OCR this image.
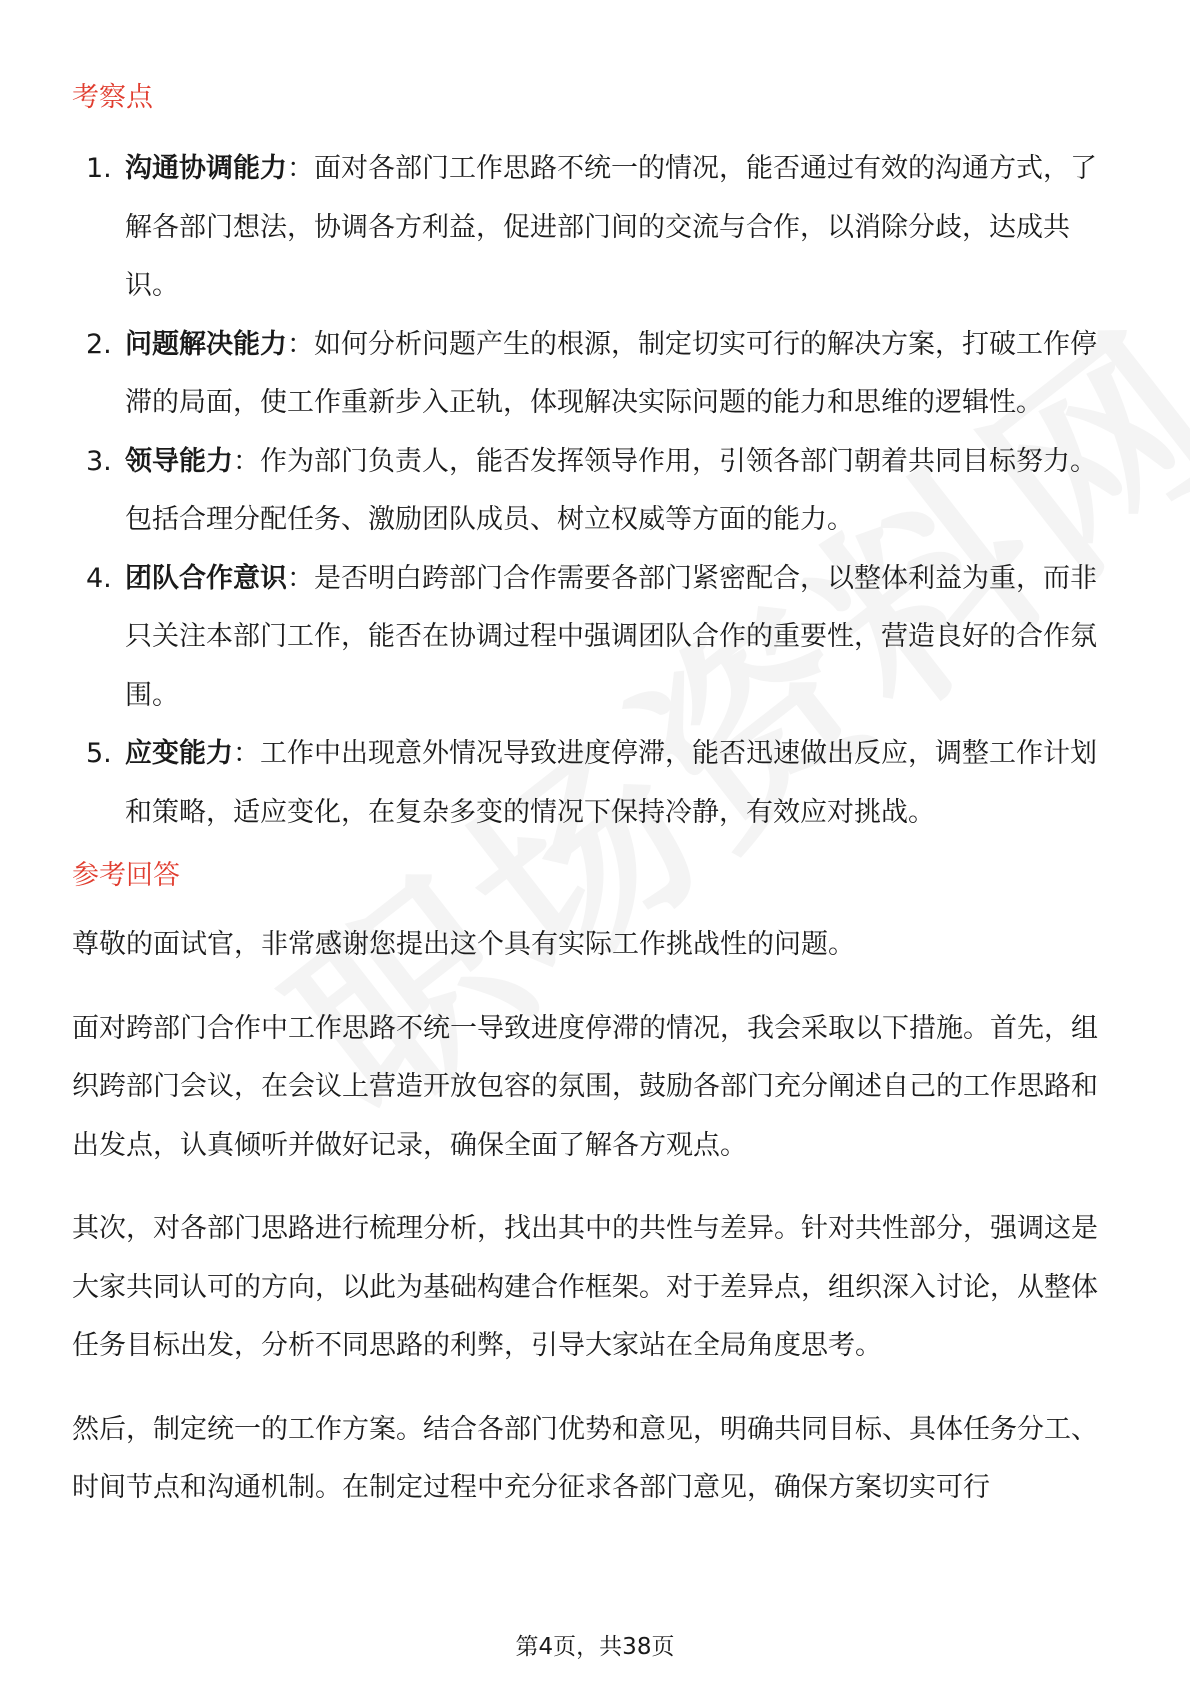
考察点
1. 沟通协调能力：面对各部门工作思路不统一的情况，能否通过有效的沟通方式，了解各部门想法，协调各方利益，促进部门间的交流与合作，以消除分歧，达成共识。
2. 问题解决能力：如何分析问题产生的根源，制定切实可行的解决方案，打破工作停滞的局面，使工作重新步入正轨，体现解决实际问题的能力和思维的逻辑性。
3. 领导能力：作为部门负责人，能否发挥领导作用，引领各部门朝着共同目标努力。包括合理分配任务、激励团队成员、树立权威等方面的能力。
4. 团队合作意识：是否明白跨部门合作需要各部门紧密配合，以整体利益为重，而非只关注本部门工作，能否在协调过程中强调团队合作的重要性，营造良好的合作氛围。
5. 应变能力：工作中出现意外情况导致进度停滞，能否迅速做出反应，调整工作计划和策略，适应变化，在复杂多变的情况下保持冷静，有效应对挑战。
参考回答

尊敬的面试官，非常感谢您提出这个具有实际工作挑战性的问题。

面对跨部门合作中工作思路不统一导致进度停滞的情况，我会采取以下措施。首先，组织跨部门会议，在会议上营造开放包容的氛围，鼓励各部门充分阐述自己的工作思路和出发点，认真倾听并做好记录，确保全面了解各方观点。

其次，对各部门思路进行梳理分析，找出其中的共性与差异。针对共性部分，强调这是大家共同认可的方向，以此为基础构建合作框架。对于差异点，组织深入讨论，从整体任务目标出发，分析不同思路的利弊，引导大家站在全局角度思考。

然后，制定统一的工作方案。结合各部门优势和意见，明确共同目标、具体任务分工、时间节点和沟通机制。在制定过程中充分征求各部门意见，确保方案切实可行

第4页，共38页
